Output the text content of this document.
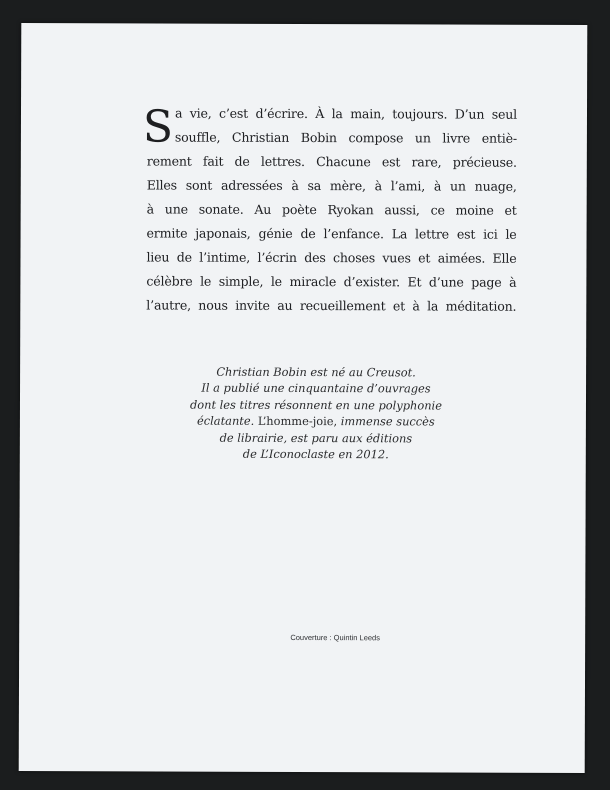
S a vie, c’est d’écrire. À la main, toujours. D’un seul
souffle, Christian Bobin compose un livre entiè-
rement fait de lettres. Chacune est rare, précieuse.
Elles sont adressées à sa mère, à l’ami, à un nuage,
à une sonate. Au poète Ryokan aussi, ce moine et
ermite japonais, génie de l’enfance. La lettre est ici le
lieu de l’intime, l’écrin des choses vues et aimées. Elle
célèbre le simple, le miracle d’exister. Et d’une page à
l’autre, nous invite au recueillement et à la méditation.
Christian Bobin est né au Creusot.
Il a publié une cinquantaine d’ouvrages
dont les titres résonnent en une polyphonie
éclatante. L’homme-joie, immense succès
de librairie, est paru aux éditions
de L’Iconoclaste en 2012.
Couverture : Quintin Leeds
